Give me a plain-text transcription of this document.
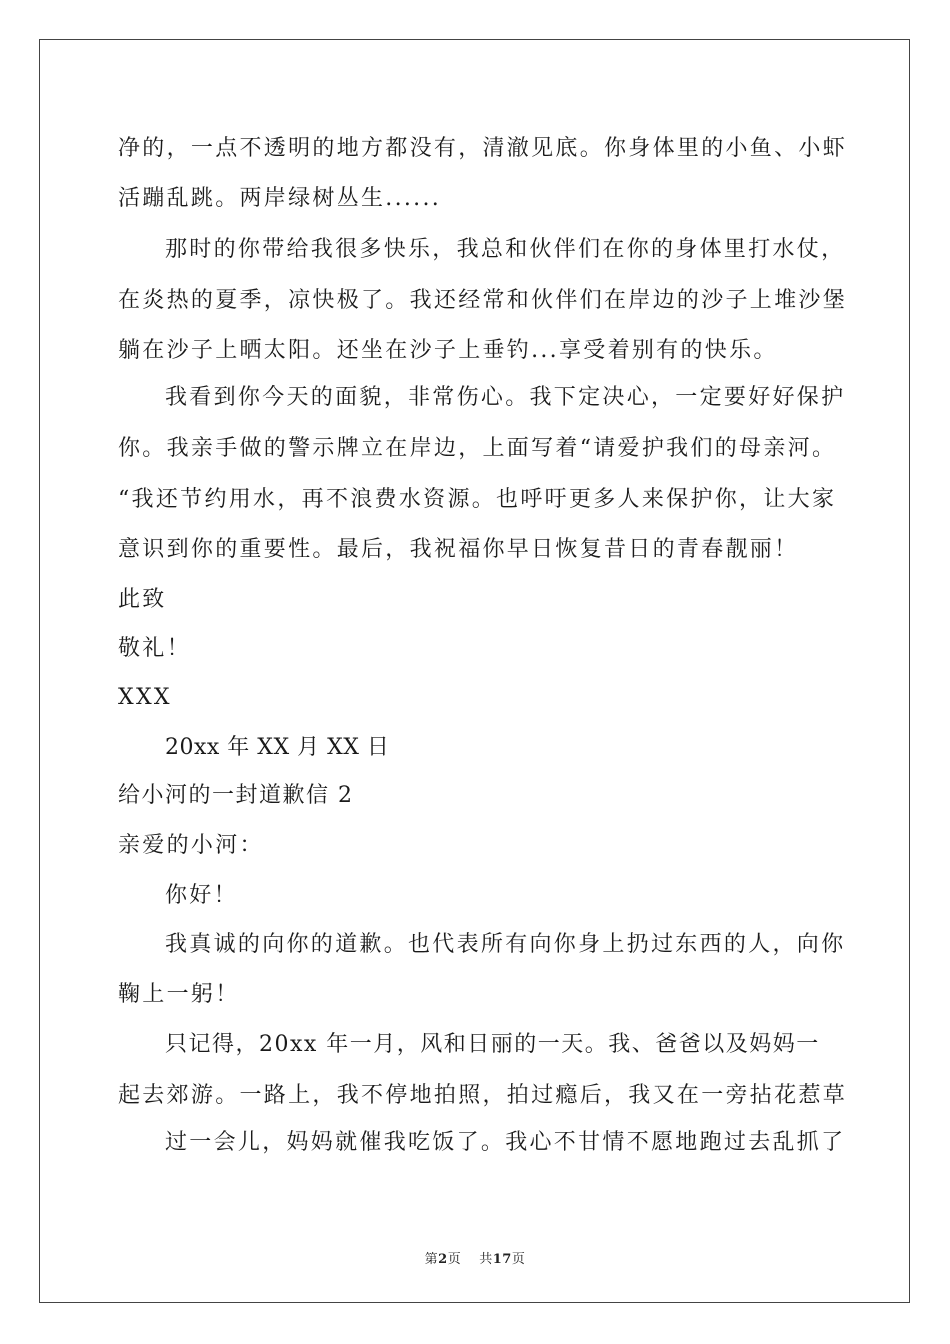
净的，一点不透明的地方都没有，清澈见底。你身体里的小鱼、小虾
活蹦乱跳。两岸绿树丛生......
那时的你带给我很多快乐，我总和伙伴们在你的身体里打水仗，
在炎热的夏季，凉快极了。我还经常和伙伴们在岸边的沙子上堆沙堡
躺在沙子上晒太阳。还坐在沙子上垂钓...享受着别有的快乐。
我看到你今天的面貌，非常伤心。我下定决心，一定要好好保护
你。我亲手做的警示牌立在岸边，上面写着“请爱护我们的母亲河。
“我还节约用水，再不浪费水资源。也呼吁更多人来保护你，让大家
意识到你的重要性。最后，我祝福你早日恢复昔日的青春靓丽！
此致
敬礼！
XXX
20xx 年 XX 月 XX 日
给小河的一封道歉信 2
亲爱的小河：
你好！
我真诚的向你的道歉。也代表所有向你身上扔过东西的人，向你
鞠上一躬！
只记得，20xx 年一月，风和日丽的一天。我、爸爸以及妈妈一
起去郊游。一路上，我不停地拍照，拍过瘾后，我又在一旁拈花惹草
过一会儿，妈妈就催我吃饭了。我心不甘情不愿地跑过去乱抓了
第2页 共17页
